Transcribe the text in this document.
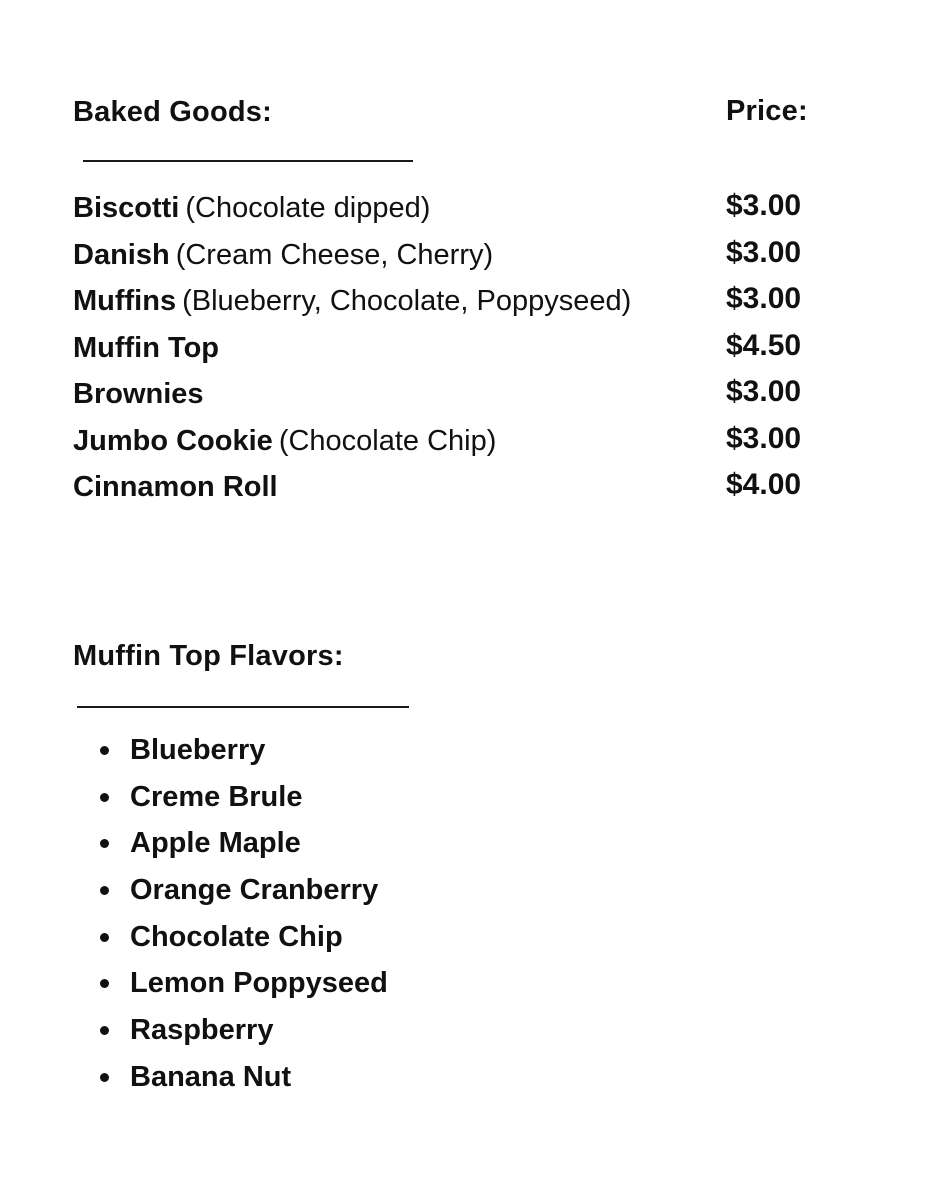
Baked Goods:	Price:
Biscotti (Chocolate dipped)	$3.00
Danish (Cream Cheese, Cherry)	$3.00
Muffins (Blueberry, Chocolate, Poppyseed)	$3.00
Muffin Top	$4.50
Brownies	$3.00
Jumbo Cookie (Chocolate Chip)	$3.00
Cinnamon Roll	$4.00
Muffin Top Flavors:
Blueberry
Creme Brule
Apple Maple
Orange Cranberry
Chocolate Chip
Lemon Poppyseed
Raspberry
Banana Nut
